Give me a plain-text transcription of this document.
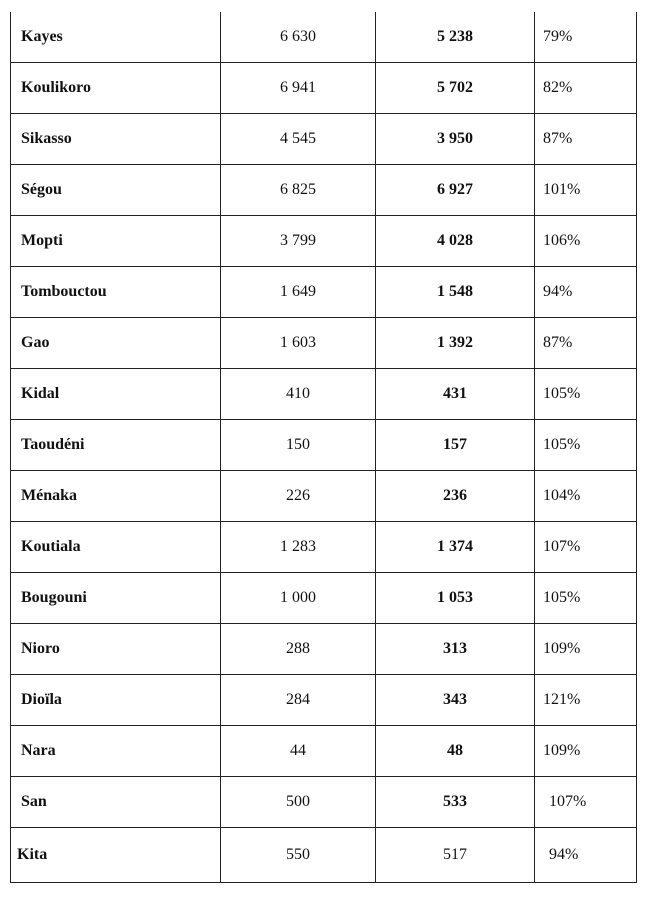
Kayes	6 630	5 238	79%
Koulikoro	6 941	5 702	82%
Sikasso	4 545	3 950	87%
Ségou	6 825	6 927	101%
Mopti	3 799	4 028	106%
Tombouctou	1 649	1 548	94%
Gao	1 603	1 392	87%
Kidal	410	431	105%
Taoudéni	150	157	105%
Ménaka	226	236	104%
Koutiala	1 283	1 374	107%
Bougouni	1 000	1 053	105%
Nioro	288	313	109%
Dioïla	284	343	121%
Nara	44	48	109%
San	500	533	107%
Kita	550	517	94%
